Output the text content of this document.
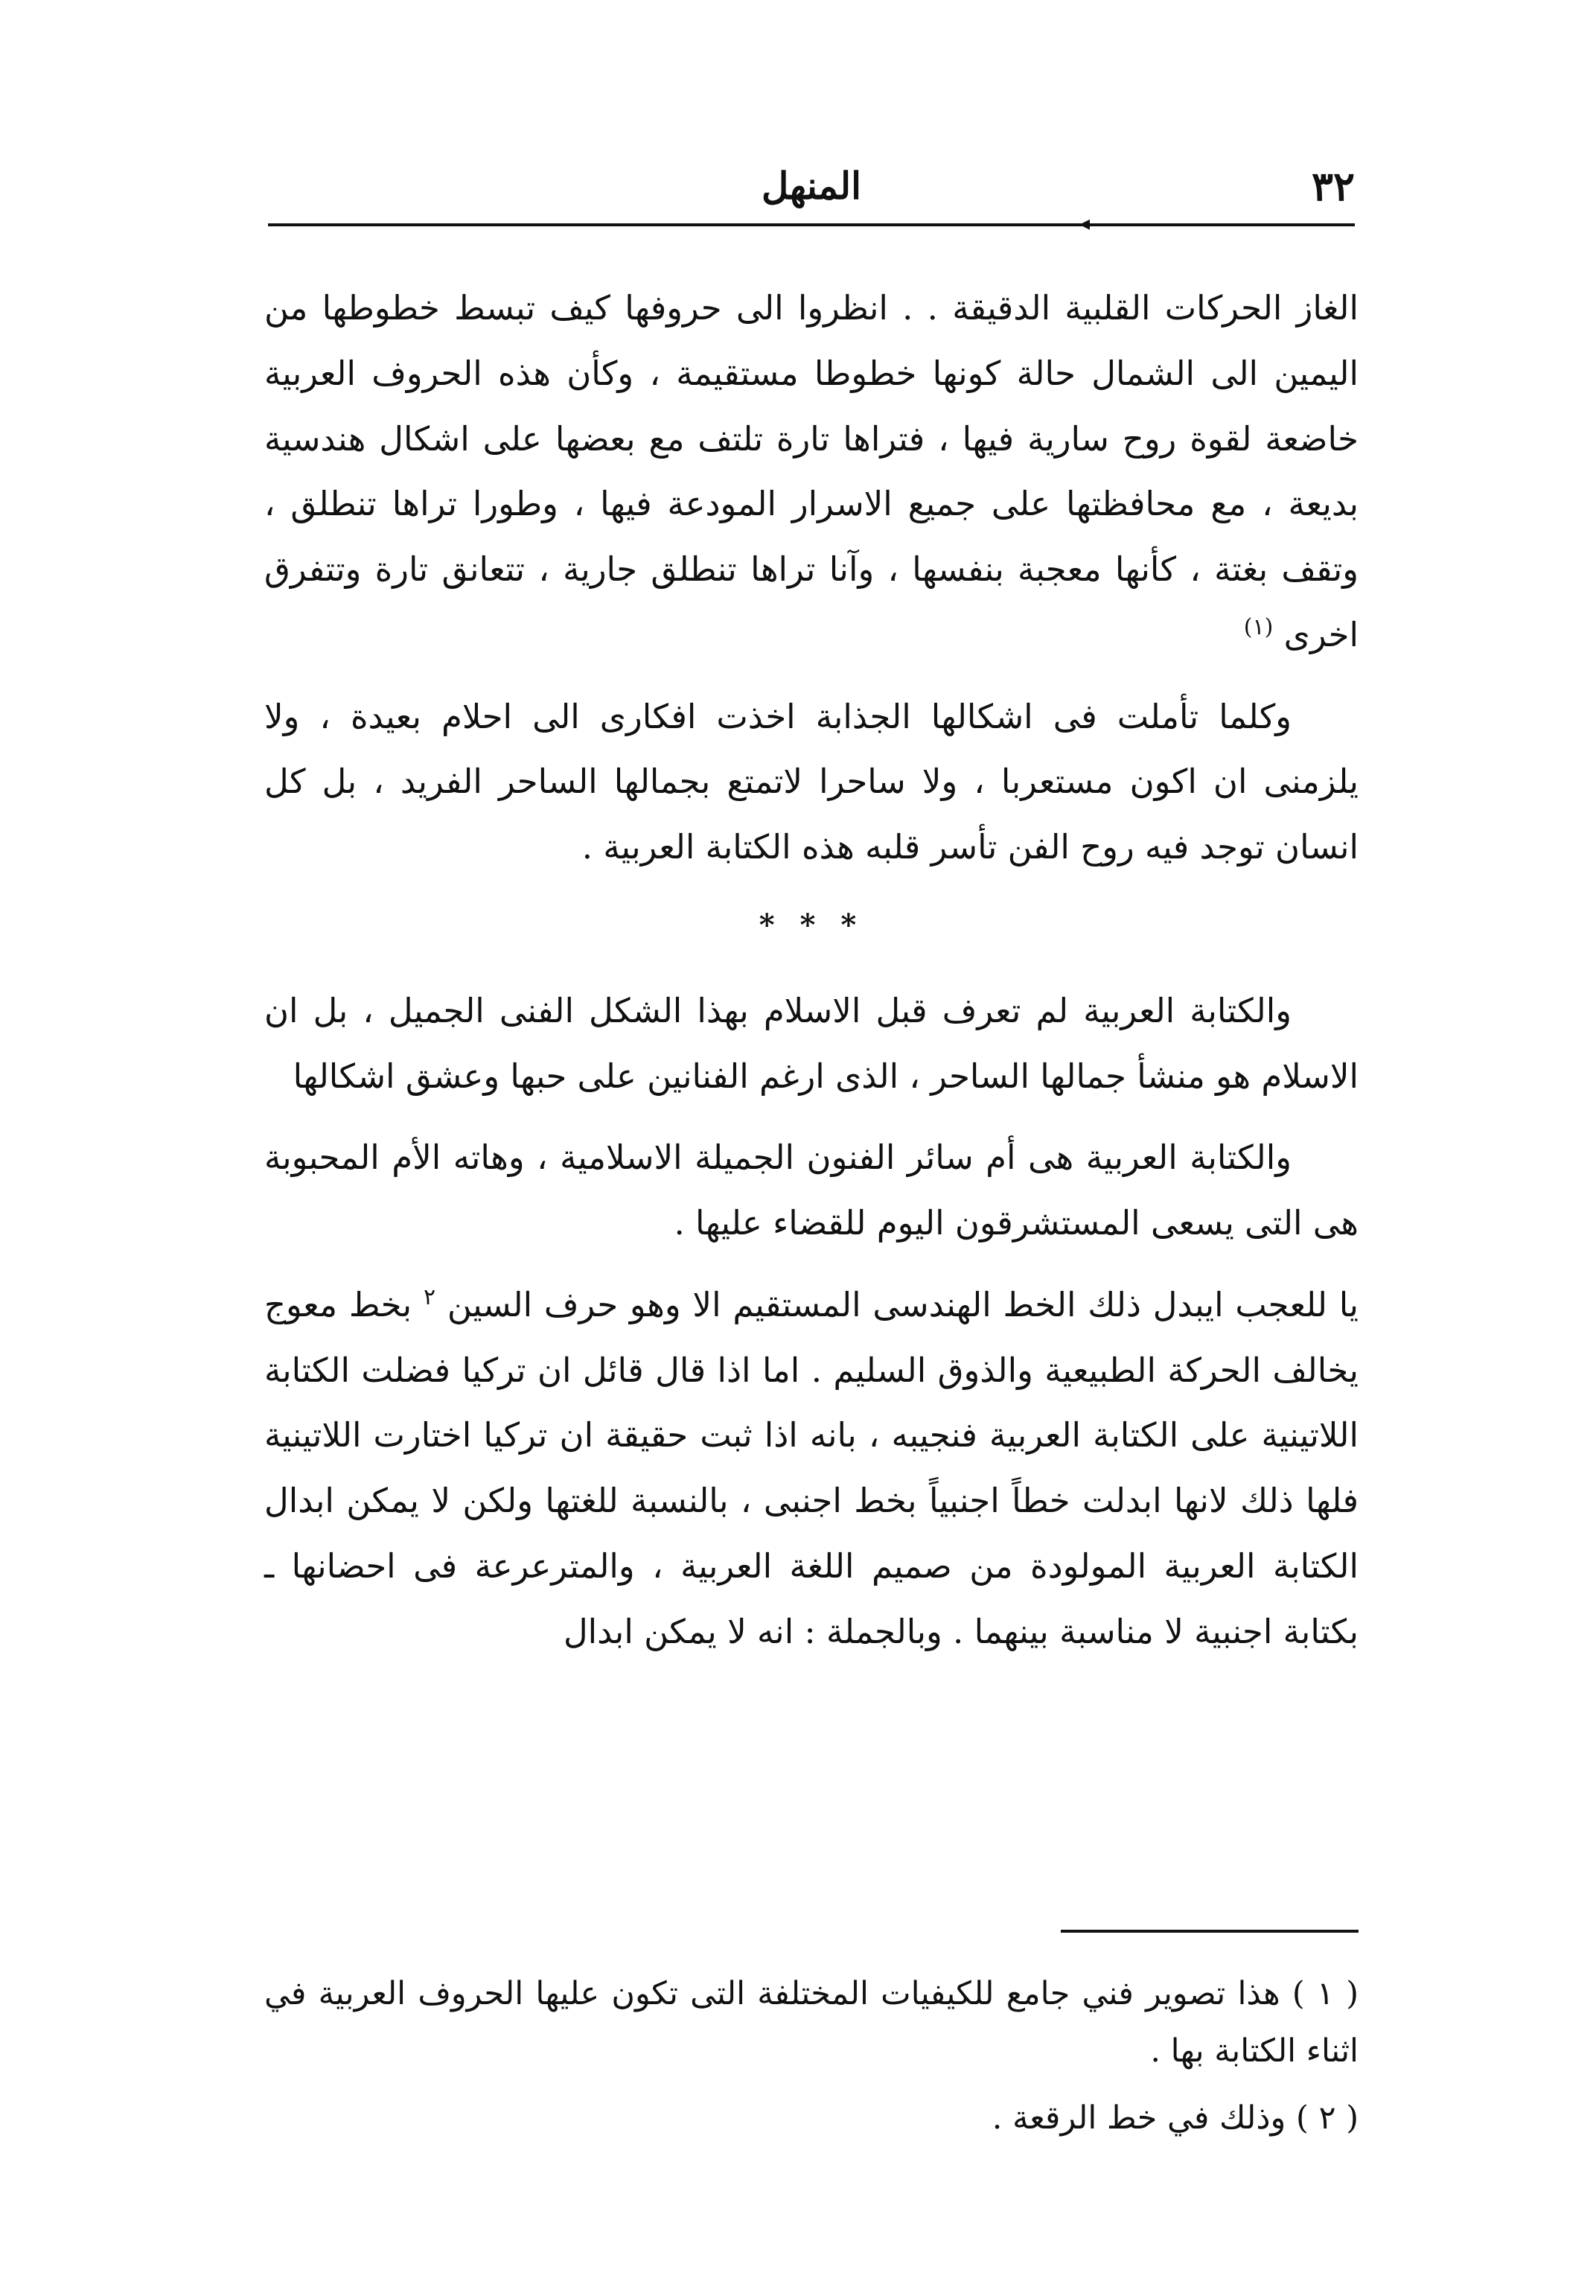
٣٢
المنهل
◂

الغاز الحركات القلبية الدقيقة . . انظروا الى حروفها كيف تبسط خطوطها من اليمين الى الشمال حالة كونها خطوطا مستقيمة ، وكأن هذه الحروف العربية خاضعة لقوة روح سارية فيها ، فتراها تارة تلتف مع بعضها على اشكال هندسية بديعة ، مع محافظتها على جميع الاسرار المودعة فيها ، وطورا تراها تنطلق ، وتقف بغتة ، كأنها معجبة بنفسها ، وآنا تراها تنطلق جارية ، تتعانق تارة وتتفرق اخرى $^{(١)}$

وكلما تأملت فى اشكالها الجذابة اخذت افكارى الى احلام بعيدة ، ولا يلزمنى ان اكون مستعربا ، ولا ساحرا لاتمتع بجمالها الساحر الفريد ، بل كل انسان توجد فيه روح الفن تأسر قلبه هذه الكتابة العربية .

* * *

والكتابة العربية لم تعرف قبل الاسلام بهذا الشكل الفنى الجميل ، بل ان الاسلام هو منشأ جمالها الساحر ، الذى ارغم الفنانين على حبها وعشق اشكالها

والكتابة العربية هى أم سائر الفنون الجميلة الاسلامية ، وهاته الأم المحبوبة هى التى يسعى المستشرقون اليوم للقضاء عليها .

يا للعجب ايبدل ذلك الخط الهندسى المستقيم الا وهو حرف السين $^٢$ بخط معوج يخالف الحركة الطبيعية والذوق السليم . اما اذا قال قائل ان تركيا فضلت الكتابة اللاتينية على الكتابة العربية فنجيبه ، بانه اذا ثبت حقيقة ان تركيا اختارت اللاتينية فلها ذلك لانها ابدلت خطاً اجنبياً بخط اجنبى ، بالنسبة للغتها ولكن لا يمكن ابدال الكتابة العربية المولودة من صميم اللغة العربية ، والمترعرعة فى احضانها ـ بكتابة اجنبية لا مناسبة بينهما . وبالجملة : انه لا يمكن ابدال

( ١ ) هذا تصوير فني جامع للكيفيات المختلفة التى تكون عليها الحروف العربية في اثناء الكتابة بها .

( ٢ ) وذلك في خط الرقعة .
